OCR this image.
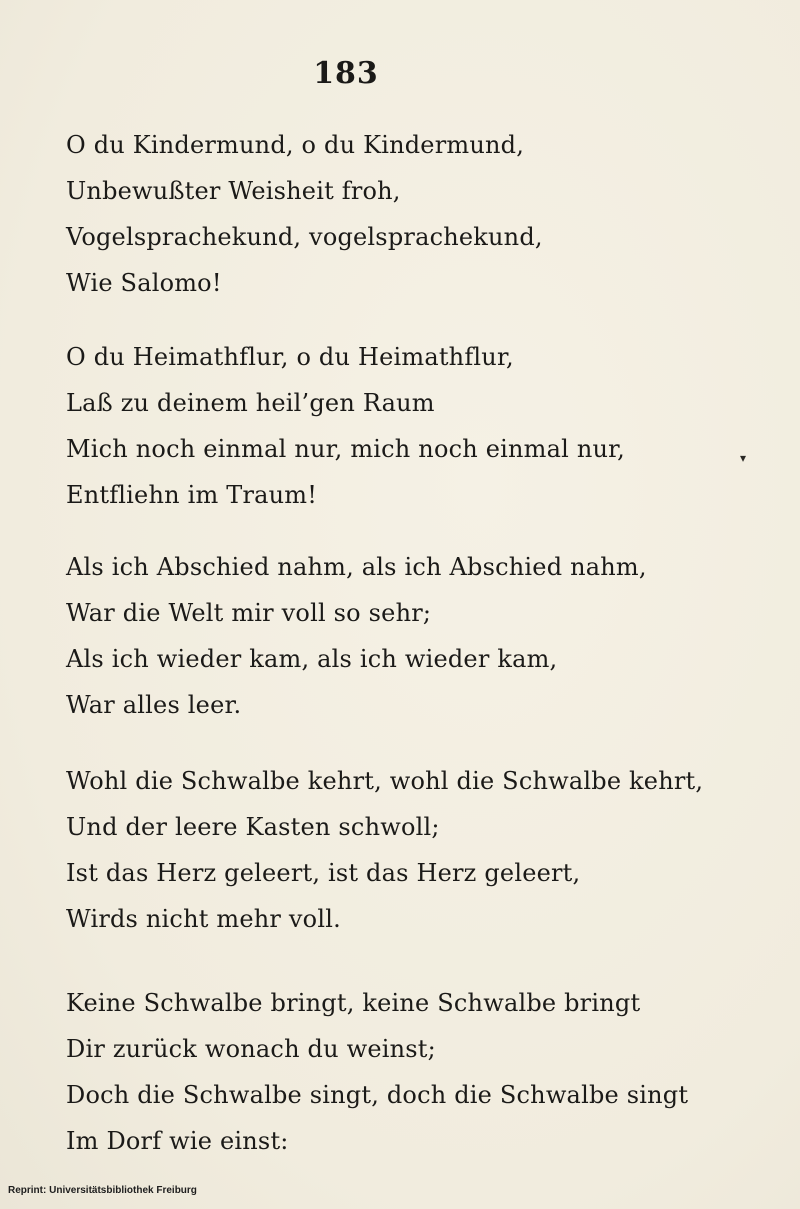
183
O du Kindermund, o du Kindermund,
Unbewußter Weisheit froh,
Vogelsprachekund, vogelsprachekund,
Wie Salomo!
O du Heimathflur, o du Heimathflur,
Laß zu deinem heil’gen Raum
Mich noch einmal nur, mich noch einmal nur,
Entfliehn im Traum!
Als ich Abschied nahm, als ich Abschied nahm,
War die Welt mir voll so sehr;
Als ich wieder kam, als ich wieder kam,
War alles leer.
Wohl die Schwalbe kehrt, wohl die Schwalbe kehrt,
Und der leere Kasten schwoll;
Ist das Herz geleert, ist das Herz geleert,
Wirds nicht mehr voll.
Keine Schwalbe bringt, keine Schwalbe bringt
Dir zurück wonach du weinst;
Doch die Schwalbe singt, doch die Schwalbe singt
Im Dorf wie einst:
▾
Reprint: Universitätsbibliothek Freiburg
